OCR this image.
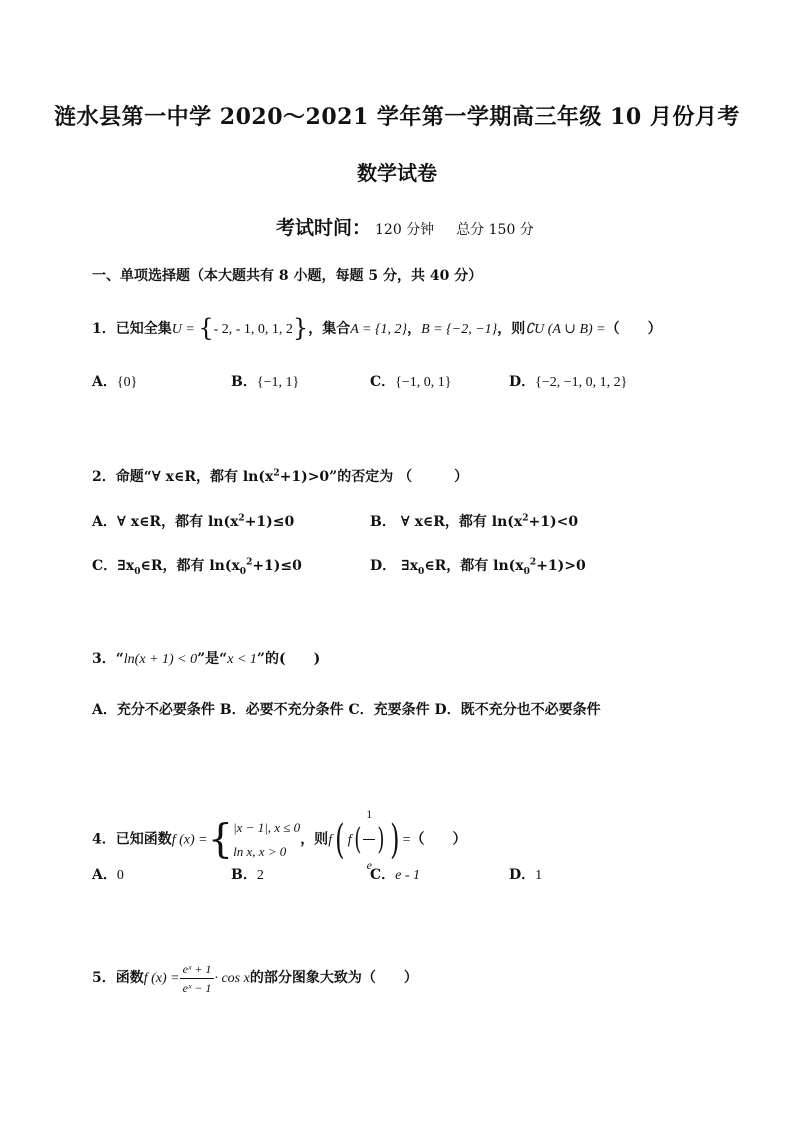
涟水县第一中学 2020～2021 学年第一学期高三年级 10 月份月考
数学试卷
考试时间： 120 分钟 总分 150 分
一、单项选择题（本大题共有 8 小题，每题 5 分，共 40 分）
1．已知全集U = {- 2, - 1, 0, 1, 2}，集合A = {1, 2}，B = {−2, −1}，则∁U (A ∪ B) =（　　）
A．{0}	B．{−1, 1}	C．{−1, 0, 1}	D．{−2, −1, 0, 1, 2}
2．命题“∀ x∈R，都有 $\ln(x^2+1)>0$”的否定为 （　　　）
A．∀ x∈R，都有 $\ln(x^2+1)\le 0$	B． ∀ x∈R，都有 $\ln(x^2+1)<0$
C．$\exists x_0\in R$，都有 $\ln(x_0^2+1)\le 0$	D． $\exists x_0\in R$，都有 $\ln(x_0^2+1)>0$
3．“ln(x + 1) < 0”是“x < 1”的(　　)
A．充分不必要条件 B．必要不充分条件 C．充要条件 D．既不充分也不必要条件
4．已知函数f (x) ={ |x − 1|, x ≤ 0
ln x, x > 0
，则f( $f( \frac{1}{e}$ ) ) =（　　）
A．0	B．2	C．e - 1	D．1
5．函数f $(x) = \frac{\text{eˣ + 1}}{\text{eˣ − 1}} \cdot \cos x$的部分图象大致为（　　）
